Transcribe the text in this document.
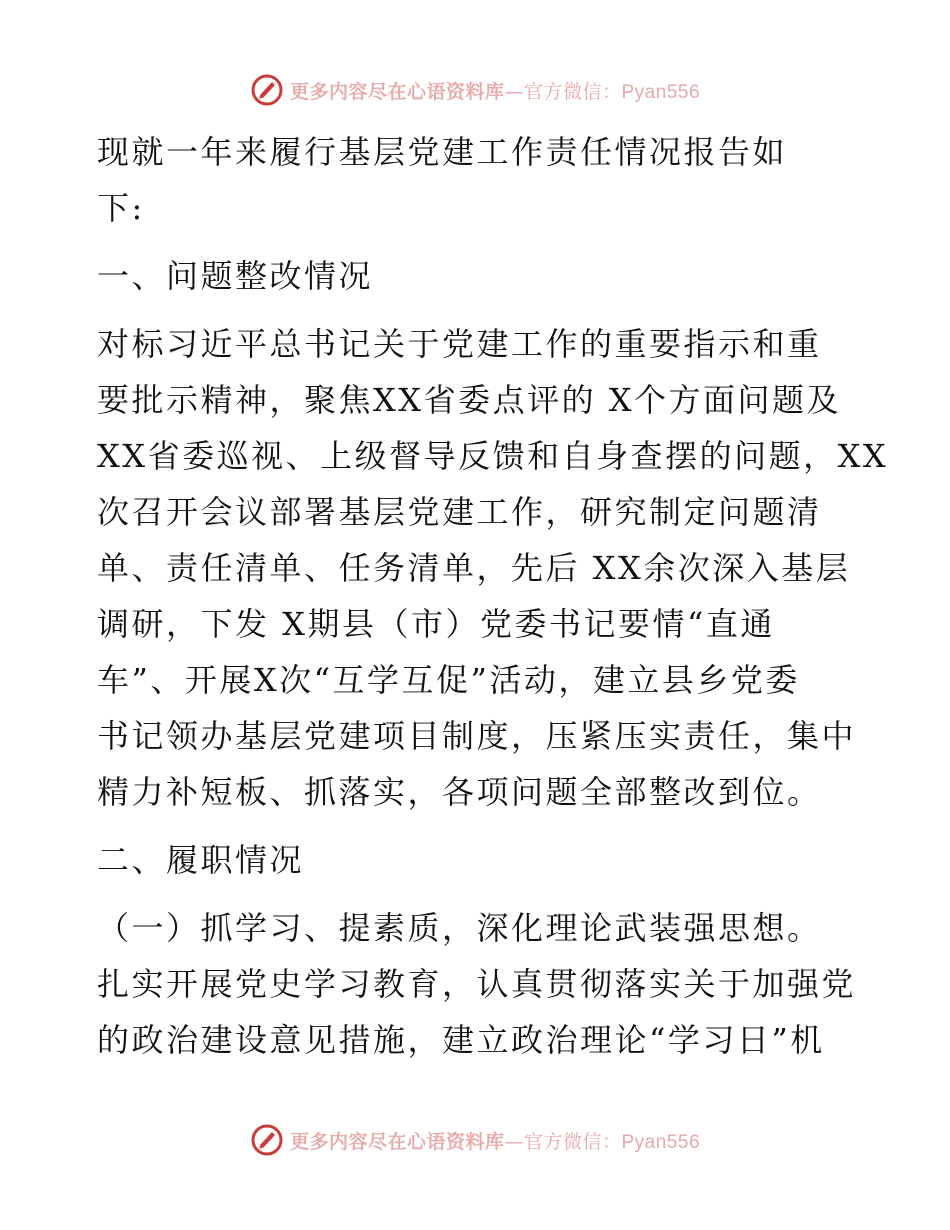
更多内容尽在心语资料库—官方微信：Pyan556
现就一年来履行基层党建工作责任情况报告如
下:
一、问题整改情况
对标习近平总书记关于党建工作的重要指示和重
要批示精神，聚焦XX省委点评的 X个方面问题及
XX省委巡视、上级督导反馈和自身查摆的问题，XX
次召开会议部署基层党建工作，研究制定问题清
单、责任清单、任务清单，先后 XX余次深入基层
调研，下发 X期县（市）党委书记要情“直通
车”、开展X次“互学互促”活动，建立县乡党委
书记领办基层党建项目制度，压紧压实责任，集中
精力补短板、抓落实，各项问题全部整改到位。
二、履职情况
（一）抓学习、提素质，深化理论武装强思想。
扎实开展党史学习教育，认真贯彻落实关于加强党
的政治建设意见措施，建立政治理论“学习日”机
更多内容尽在心语资料库—官方微信：Pyan556
